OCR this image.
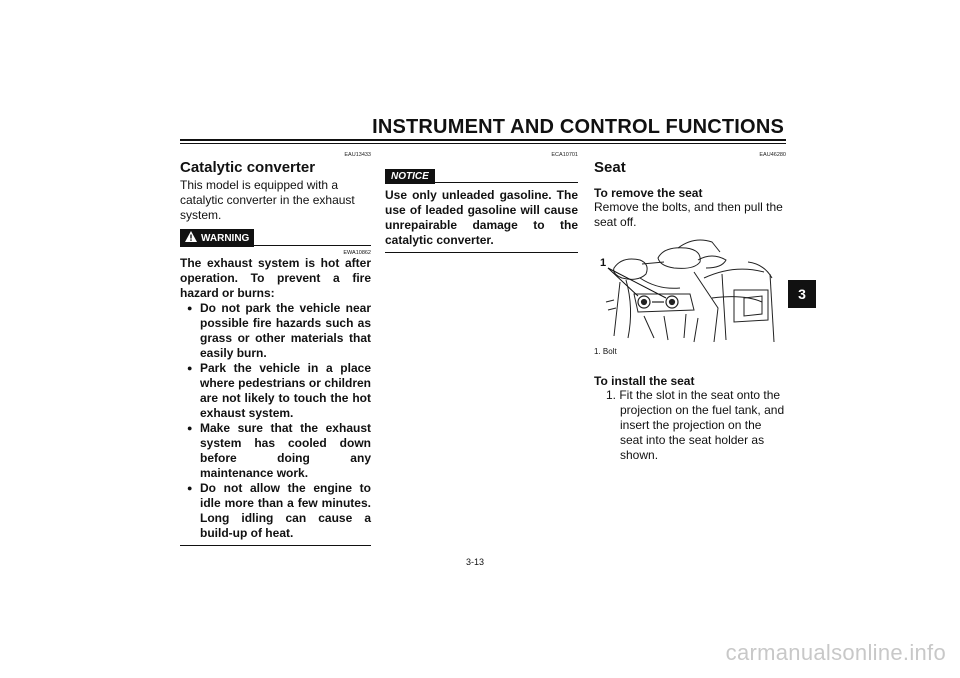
INSTRUMENT AND CONTROL FUNCTIONS
3
EAU13433
Catalytic converter
This model is equipped with a catalytic converter in the exhaust system.
WARNING
EWA10862
The exhaust system is hot after operation. To prevent a fire hazard or burns:
● Do not park the vehicle near possible fire hazards such as grass or other materials that easily burn.
● Park the vehicle in a place where pedestrians or children are not likely to touch the hot exhaust system.
● Make sure that the exhaust system has cooled down before doing any maintenance work.
● Do not allow the engine to idle more than a few minutes. Long idling can cause a build-up of heat.
ECA10701
NOTICE
Use only unleaded gasoline. The use of leaded gasoline will cause unrepairable damage to the catalytic converter.
EAU46280
Seat
To remove the seat
Remove the bolts, and then pull the seat off.
1
1. Bolt
To install the seat
1. Fit the slot in the seat onto the projection on the fuel tank, and insert the projection on the seat into the seat holder as shown.
3-13
carmanualsonline.info
